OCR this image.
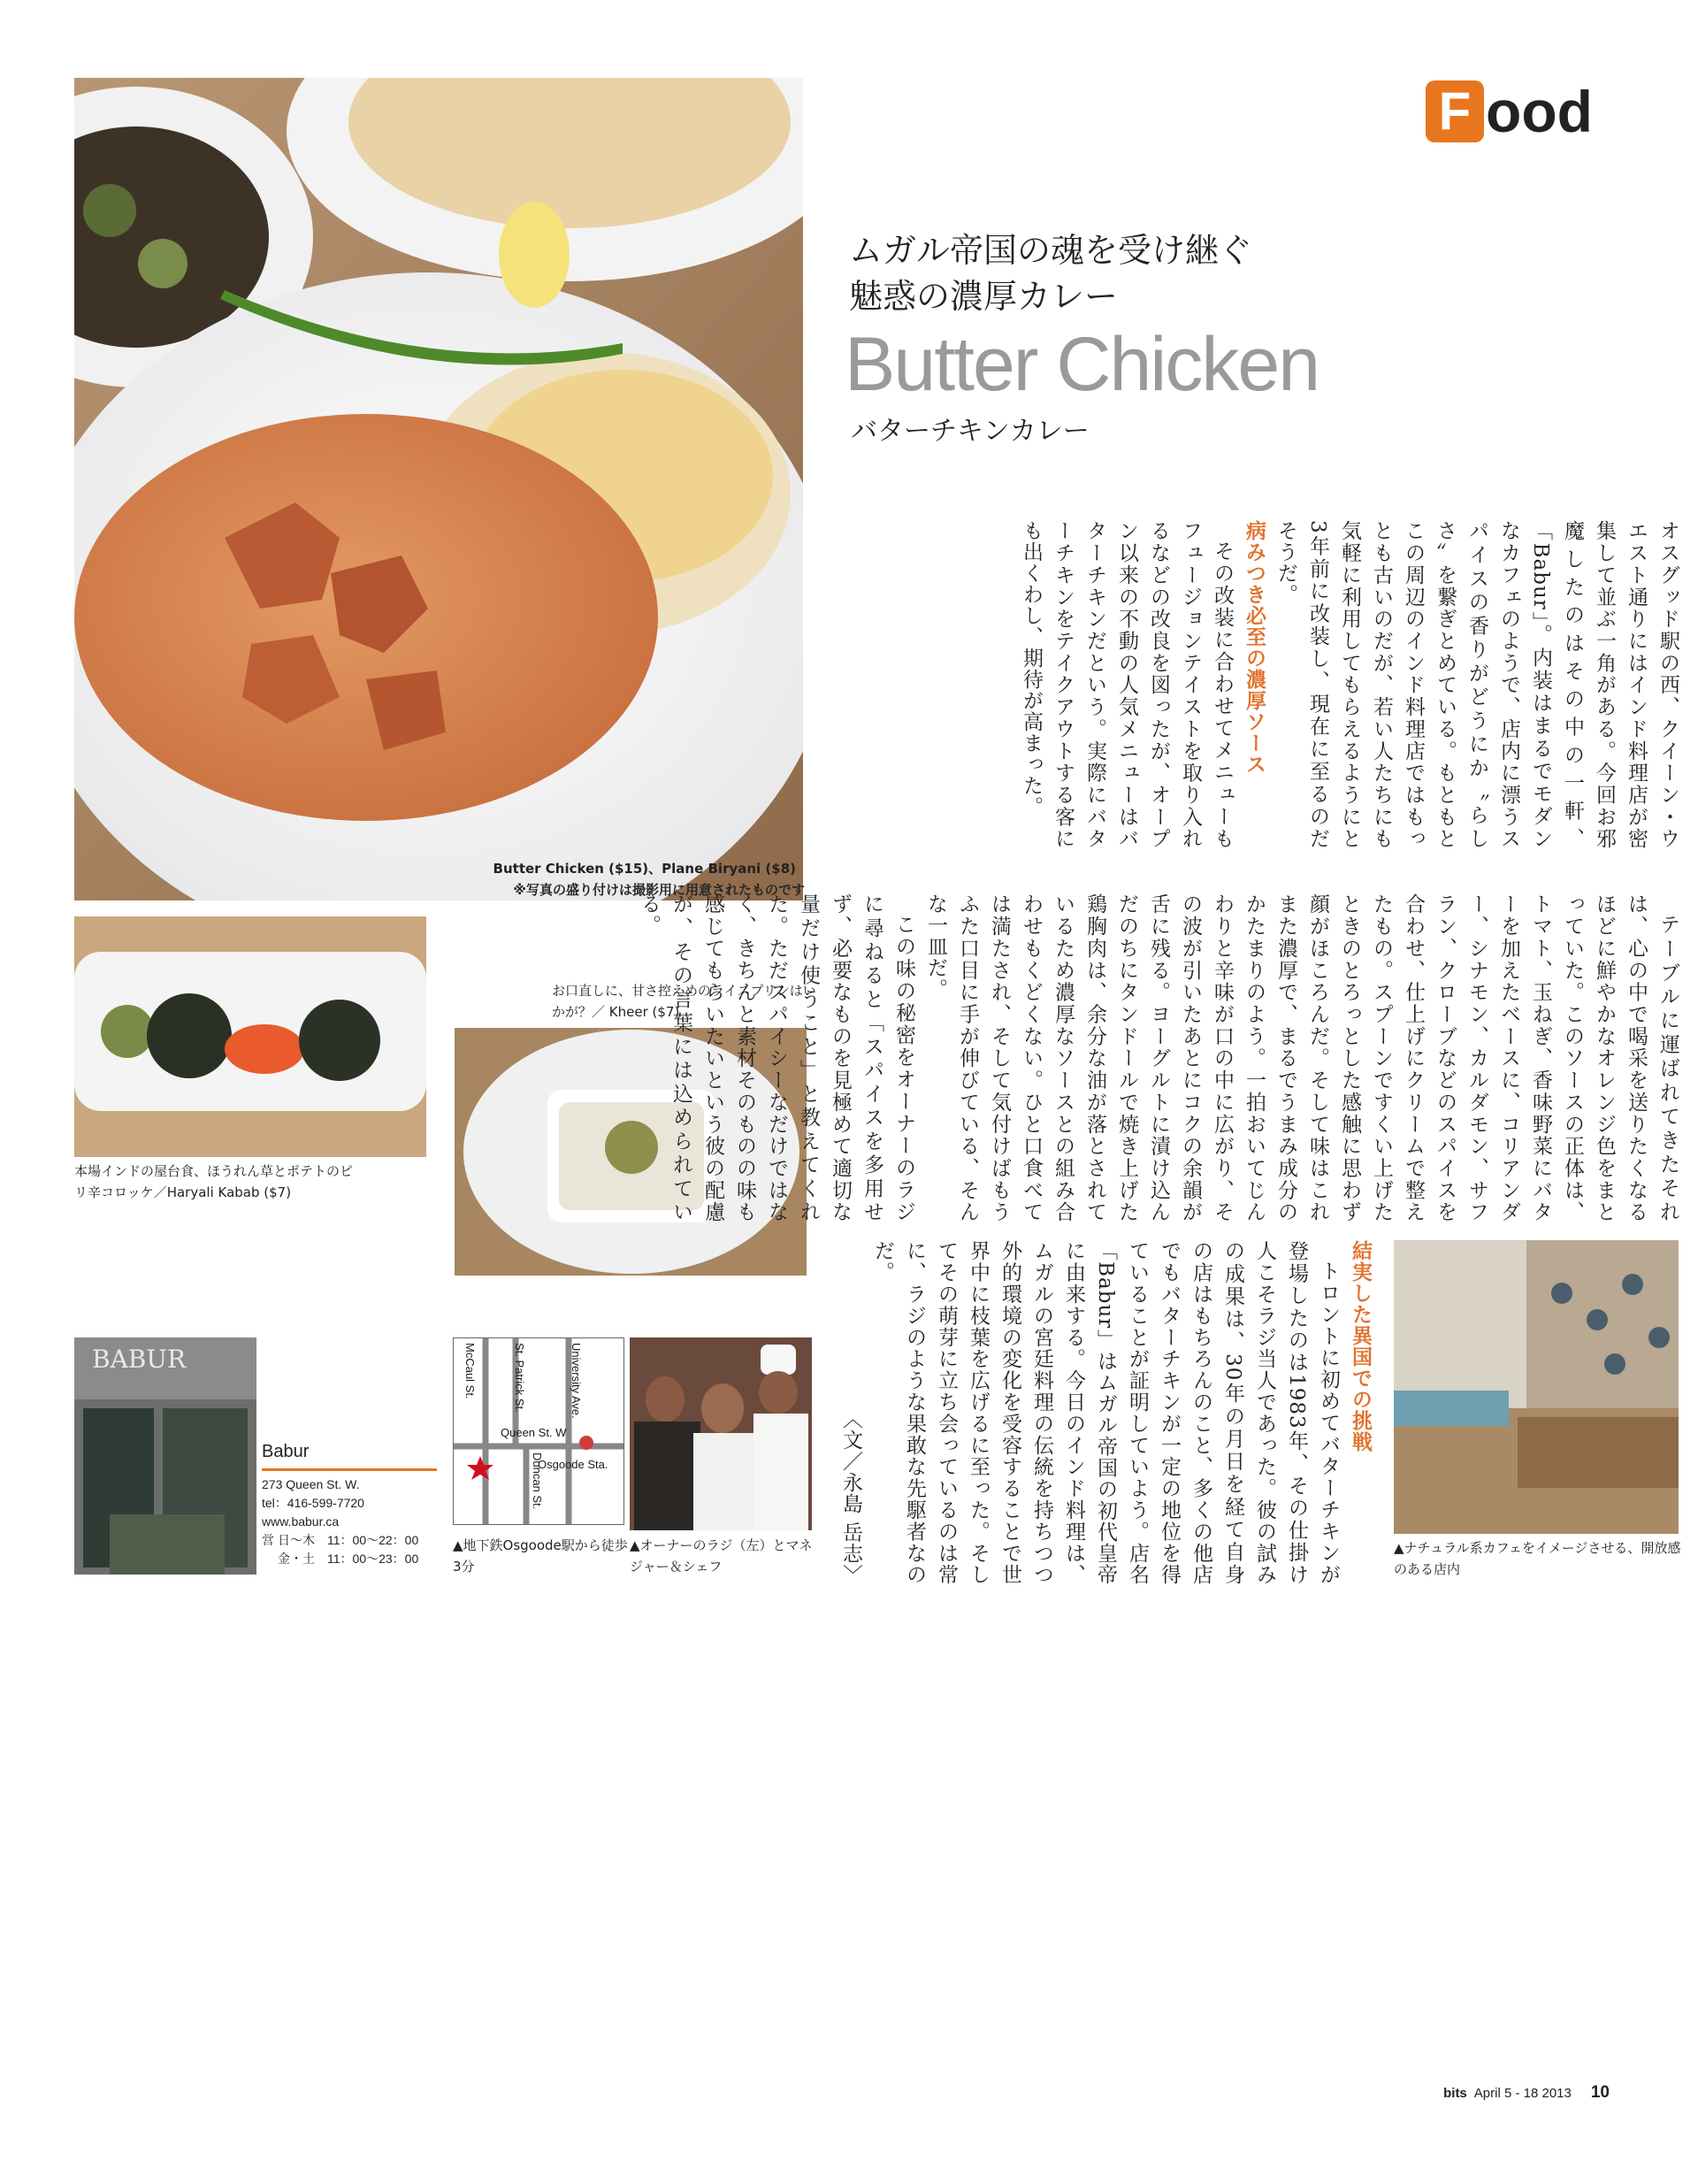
F ood
ムガル帝国の魂を受け継ぐ
魅惑の濃厚カレー
Butter Chicken
バターチキンカレー
Butter Chicken ($15)、Plane Biryani ($8)
※写真の盛り付けは撮影用に用意されたものです
本場インドの屋台食、ほうれん草とポテトのピリ辛コロッケ／Haryali Kabab ($7)
お口直しに、甘さ控えめのライスプリンはいかが？／ Kheer ($7)
BABUR
Babur
273 Queen St. W.
tel：416-599-7720
www.babur.ca
営 日〜木　11：00〜22：00
金・土　11：00〜23：00
McCaul St.	St. Patrick St.	University Ave.
Duncan St.
Queen St. W
Osgoode Sta.
▲地下鉄Osgoode駅から徒歩3分
▲オーナーのラジ（左）とマネジャー＆シェフ
▲ナチュラル系カフェをイメージさせる、開放感のある店内

オスグッド駅の西、クイーン・ウエスト通りにはインド料理店が密集して並ぶ一角がある。今回お邪魔したのはその中の一軒、「Babur」。内装はまるでモダンなカフェのようで、店内に漂うスパイスの香りがどうにか〝らしさ〟を繋ぎとめている。もともとこの周辺のインド料理店ではもっとも古いのだが、若い人たちにも気軽に利用してもらえるようにと3年前に改装し、現在に至るのだそうだ。

病みつき必至の濃厚ソース

その改装に合わせてメニューもフュージョンテイストを取り入れるなどの改良を図ったが、オープン以来の不動の人気メニューはバターチキンだという。実際にバターチキンをテイクアウトする客にも出くわし、期待が高まった。

テーブルに運ばれてきたそれは、心の中で喝采を送りたくなるほどに鮮やかなオレンジ色をまとっていた。このソースの正体は、トマト、玉ねぎ、香味野菜にバターを加えたベースに、コリアンダー、シナモン、カルダモン、サフラン、クローブなどのスパイスを合わせ、仕上げにクリームで整えたもの。スプーンですくい上げたときのとろっとした感触に思わず顔がほころんだ。そして味はこれまた濃厚で、まるでうまみ成分のかたまりのよう。一拍おいてじんわりと辛味が口の中に広がり、その波が引いたあとにコクの余韻が舌に残る。ヨーグルトに漬け込んだのちにタンドールで焼き上げた鶏胸肉は、余分な油が落とされているため濃厚なソースとの組み合わせもくどくない。ひと口食べては満たされ、そして気付けばもうふた口目に手が伸びている、そんな一皿だ。

この味の秘密をオーナーのラジに尋ねると「スパイスを多用せず、必要なものを見極めて適切な量だけ使うこと」と教えてくれた。ただスパイシーなだけではなく、きちんと素材そのものの味も感じてもらいたいという彼の配慮が、その言葉には込められている。

結実した異国での挑戦

トロントに初めてバターチキンが登場したのは1983年、その仕掛け人こそラジ当人であった。彼の試みの成果は、30年の月日を経て自身の店はもちろんのこと、多くの他店でもバターチキンが一定の地位を得ていることが証明していよう。店名「Babur」はムガル帝国の初代皇帝に由来する。今日のインド料理は、ムガルの宮廷料理の伝統を持ちつつ外的環境の変化を受容することで世界中に枝葉を広げるに至った。そしてその萌芽に立ち会っているのは常に、ラジのような果敢な先駆者なのだ。

〈文／永島 岳志〉

bits April 5 - 18 2013 10
